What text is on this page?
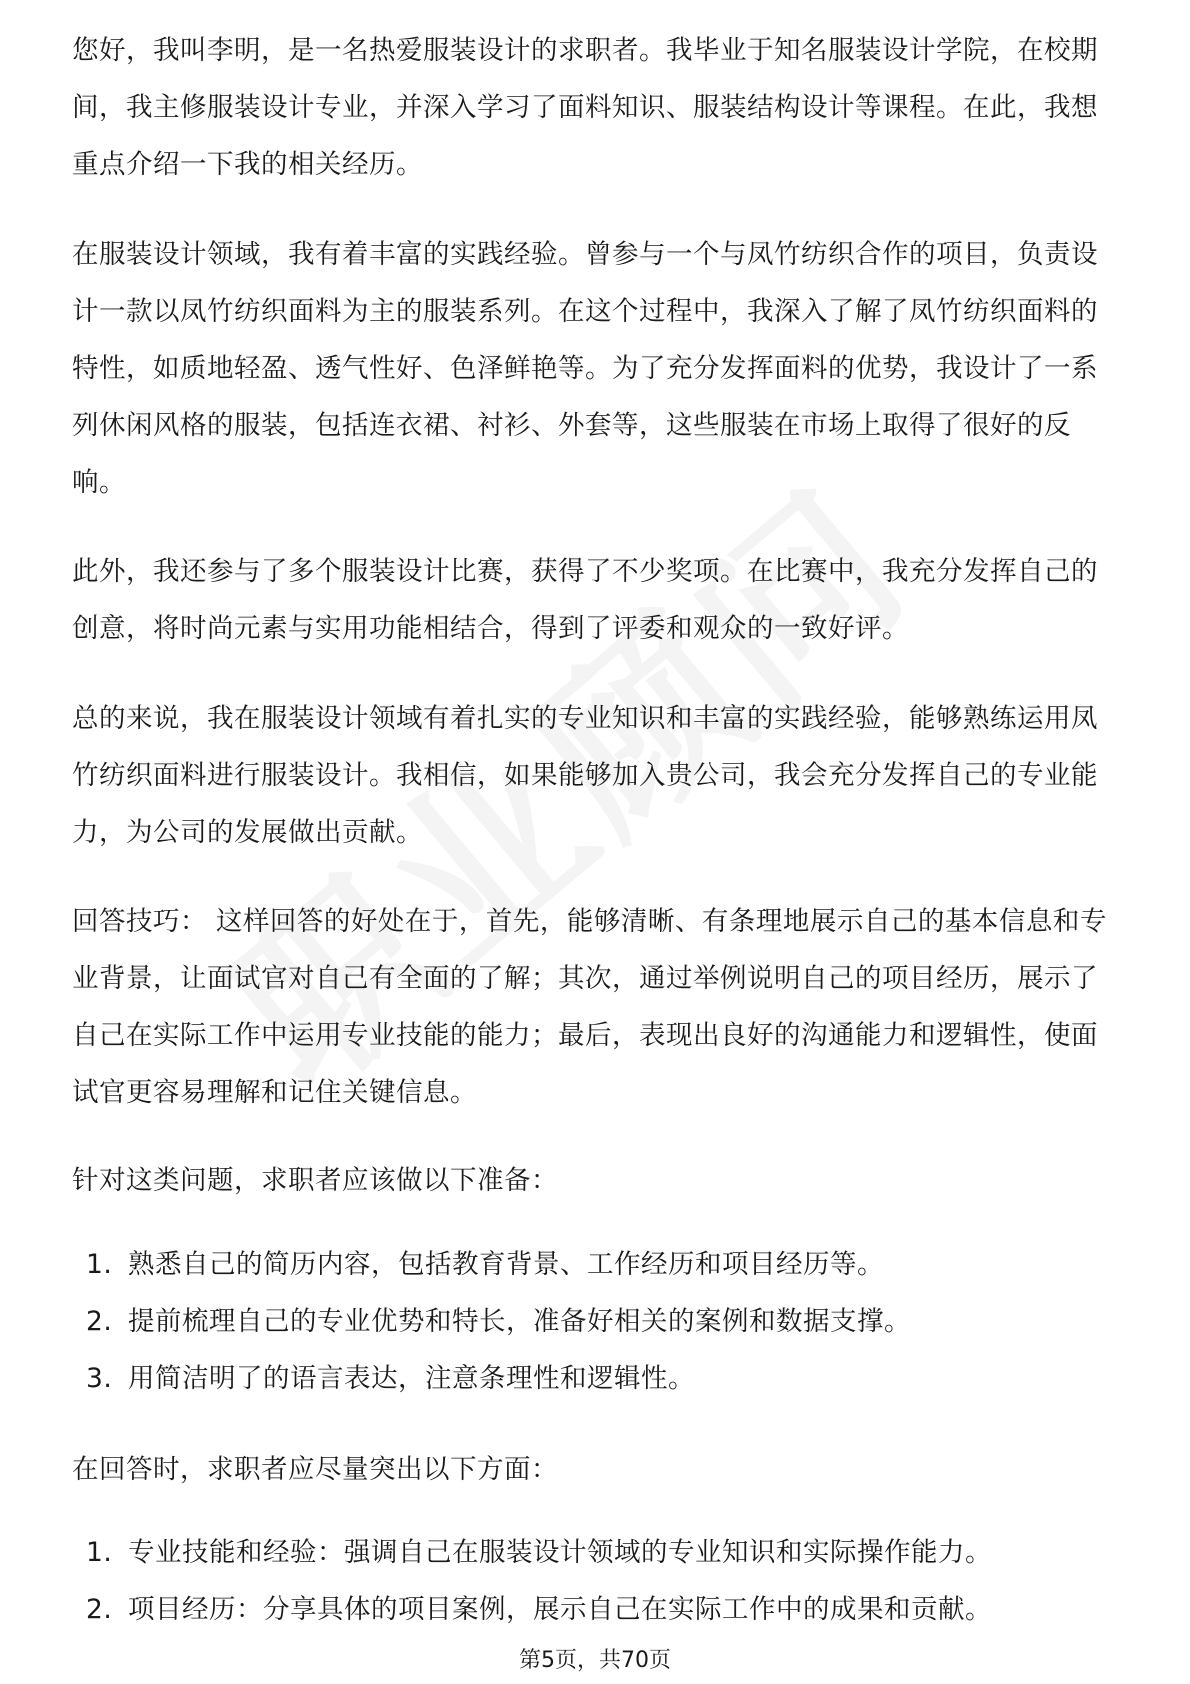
您好，我叫李明，是一名热爱服装设计的求职者。我毕业于知名服装设计学院，在校期间，我主修服装设计专业，并深入学习了面料知识、服装结构设计等课程。在此，我想重点介绍一下我的相关经历。

在服装设计领域，我有着丰富的实践经验。曾参与一个与凤竹纺织合作的项目，负责设计一款以凤竹纺织面料为主的服装系列。在这个过程中，我深入了解了凤竹纺织面料的特性，如质地轻盈、透气性好、色泽鲜艳等。为了充分发挥面料的优势，我设计了一系列休闲风格的服装，包括连衣裙、衬衫、外套等，这些服装在市场上取得了很好的反响。

此外，我还参与了多个服装设计比赛，获得了不少奖项。在比赛中，我充分发挥自己的创意，将时尚元素与实用功能相结合，得到了评委和观众的一致好评。

总的来说，我在服装设计领域有着扎实的专业知识和丰富的实践经验，能够熟练运用凤竹纺织面料进行服装设计。我相信，如果能够加入贵公司，我会充分发挥自己的专业能力，为公司的发展做出贡献。

回答技巧： 这样回答的好处在于，首先，能够清晰、有条理地展示自己的基本信息和专业背景，让面试官对自己有全面的了解；其次，通过举例说明自己的项目经历，展示了自己在实际工作中运用专业技能的能力；最后，表现出良好的沟通能力和逻辑性，使面试官更容易理解和记住关键信息。

针对这类问题，求职者应该做以下准备：

1. 熟悉自己的简历内容，包括教育背景、工作经历和项目经历等。
2. 提前梳理自己的专业优势和特长，准备好相关的案例和数据支撑。
3. 用简洁明了的语言表达，注意条理性和逻辑性。

在回答时，求职者应尽量突出以下方面：

1. 专业技能和经验：强调自己在服装设计领域的专业知识和实际操作能力。
2. 项目经历：分享具体的项目案例，展示自己在实际工作中的成果和贡献。
第5页，共70页
